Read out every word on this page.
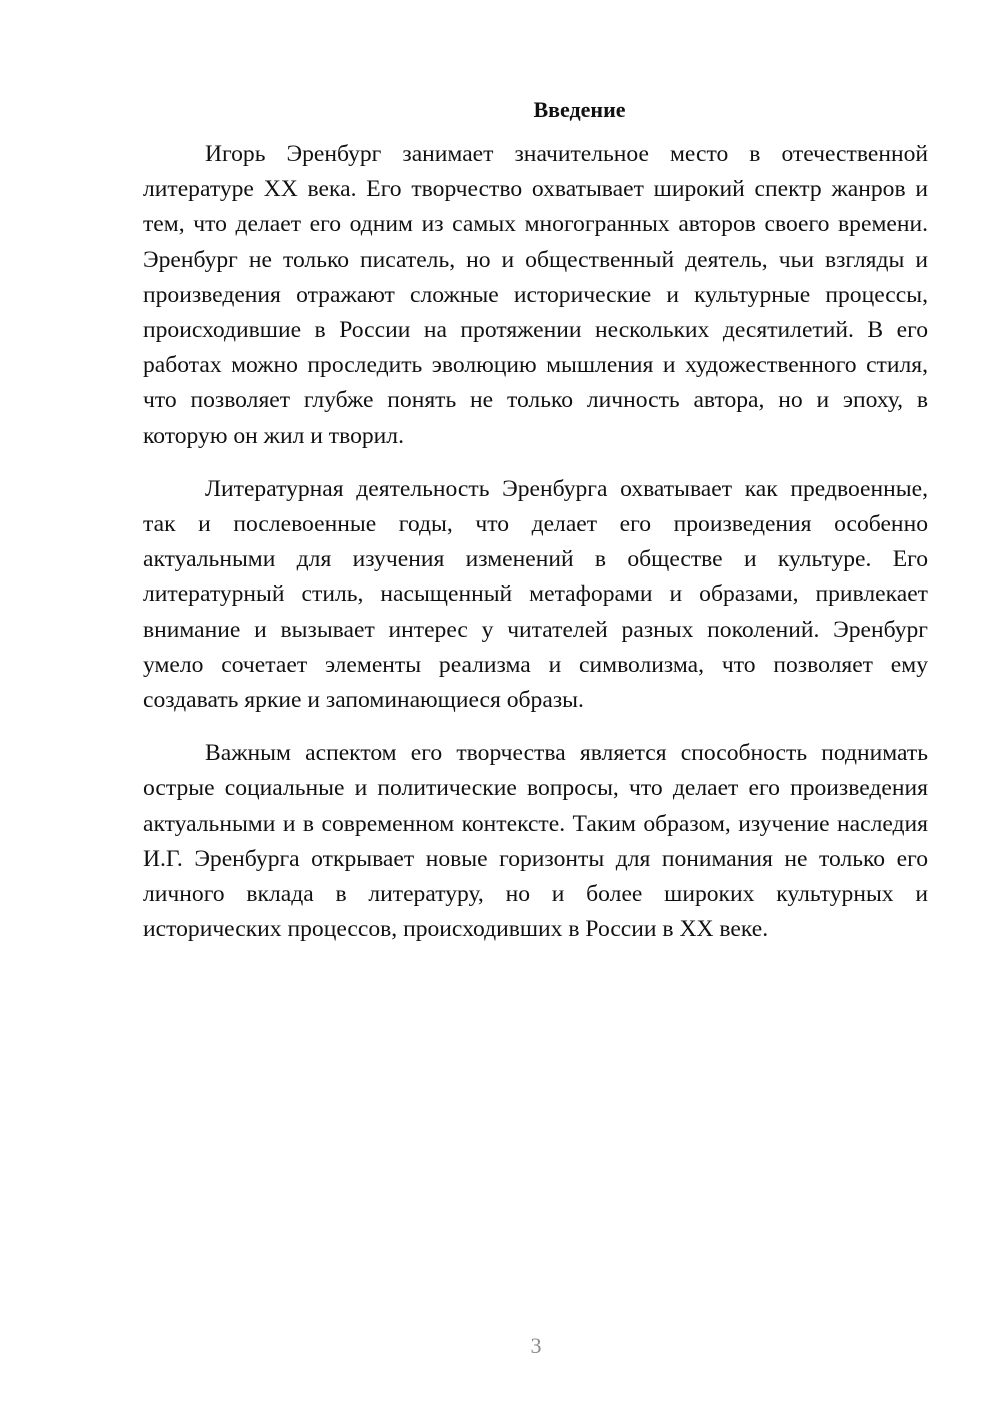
Введение

Игорь Эренбург занимает значительное место в отечественной литературе XX века. Его творчество охватывает широкий спектр жанров и тем, что делает его одним из самых многогранных авторов своего времени. Эренбург не только писатель, но и общественный деятель, чьи взгляды и произведения отражают сложные исторические и культурные процессы, происходившие в России на протяжении нескольких десятилетий. В его работах можно проследить эволюцию мышления и художественного стиля, что позволяет глубже понять не только личность автора, но и эпоху, в которую он жил и творил.

Литературная деятельность Эренбурга охватывает как предвоенные, так и послевоенные годы, что делает его произведения особенно актуальными для изучения изменений в обществе и культуре. Его литературный стиль, насыщенный метафорами и образами, привлекает внимание и вызывает интерес у читателей разных поколений. Эренбург умело сочетает элементы реализма и символизма, что позволяет ему создавать яркие и запоминающиеся образы.

Важным аспектом его творчества является способность поднимать острые социальные и политические вопросы, что делает его произведения актуальными и в современном контексте. Таким образом, изучение наследия И.Г. Эренбурга открывает новые горизонты для понимания не только его личного вклада в литературу, но и более широких культурных и исторических процессов, происходивших в России в XX веке.

3
